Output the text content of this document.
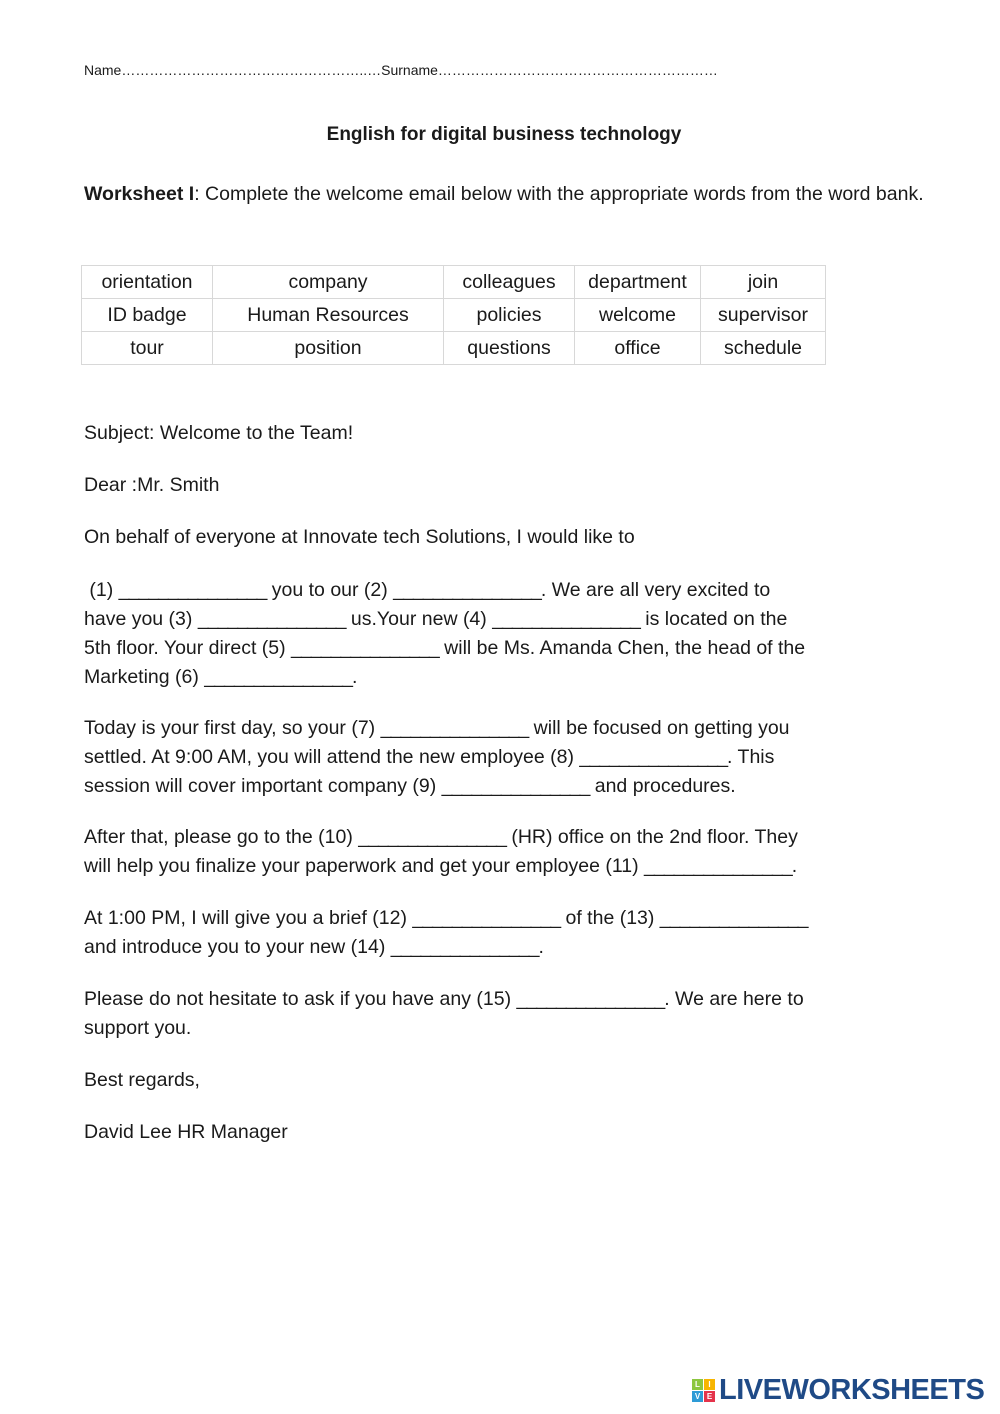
Name……………………………………………..…Surname……………………………………………………
English for digital business technology
Worksheet I: Complete the welcome email below with the appropriate words from the word bank.
orientation	company	colleagues	department	join
ID badge	Human Resources	policies	welcome	supervisor
tour	position	questions	office	schedule
Subject: Welcome to the Team!
Dear :Mr. Smith
On behalf of everyone at Innovate tech Solutions, I would like to
(1) _______________ you to our (2) _______________. We are all very excited to
have you (3) _______________ us.Your new (4) _______________ is located on the
5th floor. Your direct (5) _______________ will be Ms. Amanda Chen, the head of the
Marketing (6) _______________.
Today is your first day, so your (7) _______________ will be focused on getting you
settled. At 9:00 AM, you will attend the new employee (8) _______________. This
session will cover important company (9) _______________ and procedures.
After that, please go to the (10) _______________ (HR) office on the 2nd floor. They
will help you finalize your paperwork and get your employee (11) _______________.
At 1:00 PM, I will give you a brief (12) _______________ of the (13) _______________
and introduce you to your new (14) _______________.
Please do not hesitate to ask if you have any (15) _______________. We are here to
support you.
Best regards,
David Lee HR Manager
L	I
V E LIVEWORKSHEETS
